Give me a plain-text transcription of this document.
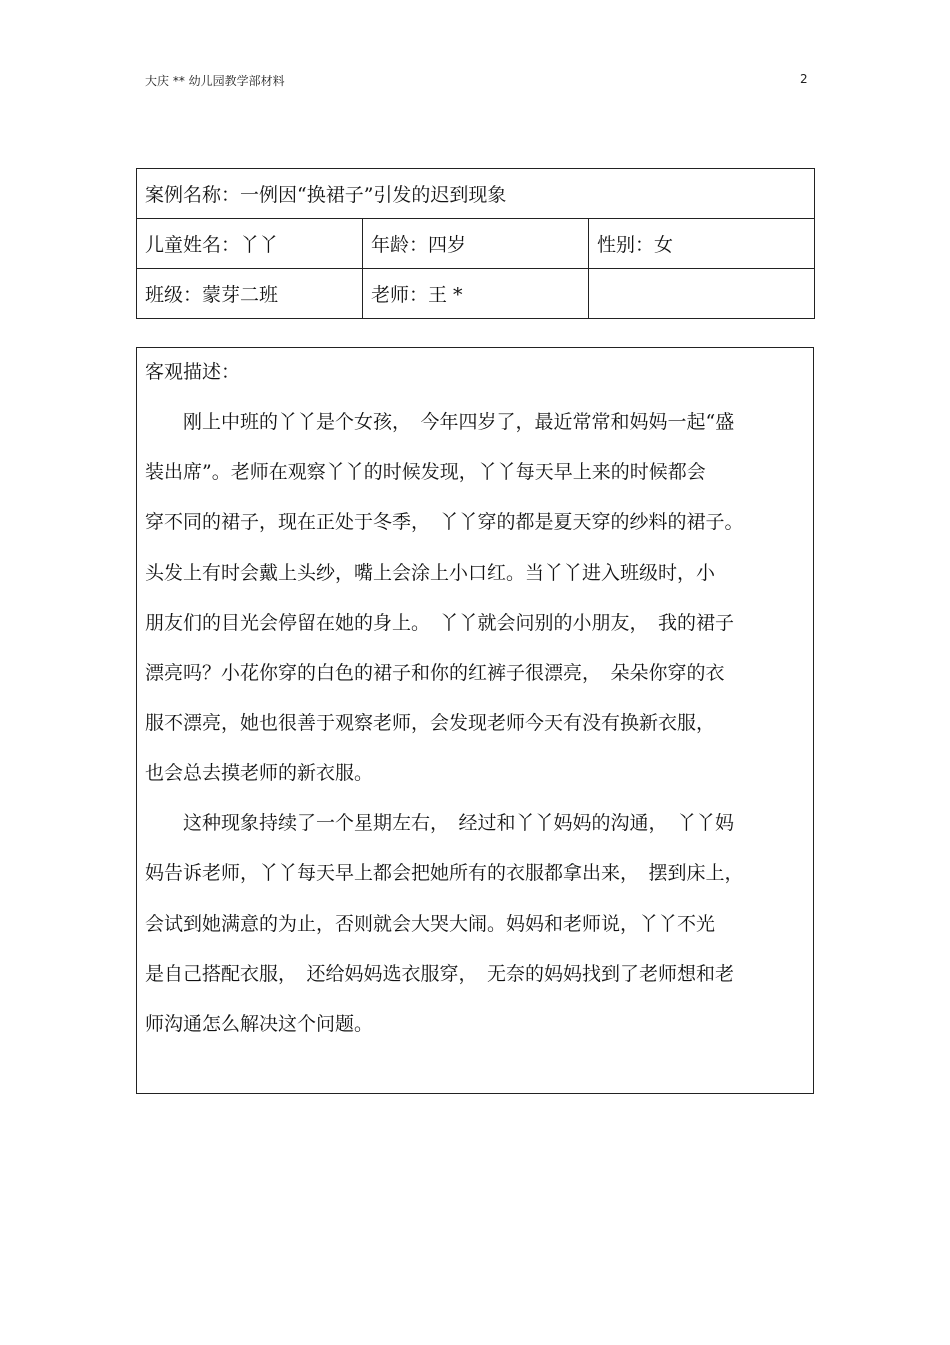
大庆 ** 幼儿园教学部材料	2
案例名称：一例因“换裙子”引发的迟到现象		
儿童姓名：丫丫	年龄：四岁	性别：女
班级：蒙芽二班	老师：王 *	
客观描述：
　　刚上中班的丫丫是个女孩，　今年四岁了，最近常常和妈妈一起“盛
装出席”。老师在观察丫丫的时候发现，丫丫每天早上来的时候都会
穿不同的裙子，现在正处于冬季，　丫丫穿的都是夏天穿的纱料的裙子。
头发上有时会戴上头纱，嘴上会涂上小口红。当丫丫进入班级时，小
朋友们的目光会停留在她的身上。　丫丫就会问别的小朋友，　我的裙子
漂亮吗？小花你穿的白色的裙子和你的红裤子很漂亮，　朵朵你穿的衣
服不漂亮，她也很善于观察老师，会发现老师今天有没有换新衣服，
也会总去摸老师的新衣服。
　　这种现象持续了一个星期左右，　经过和丫丫妈妈的沟通，　丫丫妈
妈告诉老师，丫丫每天早上都会把她所有的衣服都拿出来，　摆到床上，
会试到她满意的为止，否则就会大哭大闹。妈妈和老师说，丫丫不光
是自己搭配衣服，　还给妈妈选衣服穿，　无奈的妈妈找到了老师想和老
师沟通怎么解决这个问题。
